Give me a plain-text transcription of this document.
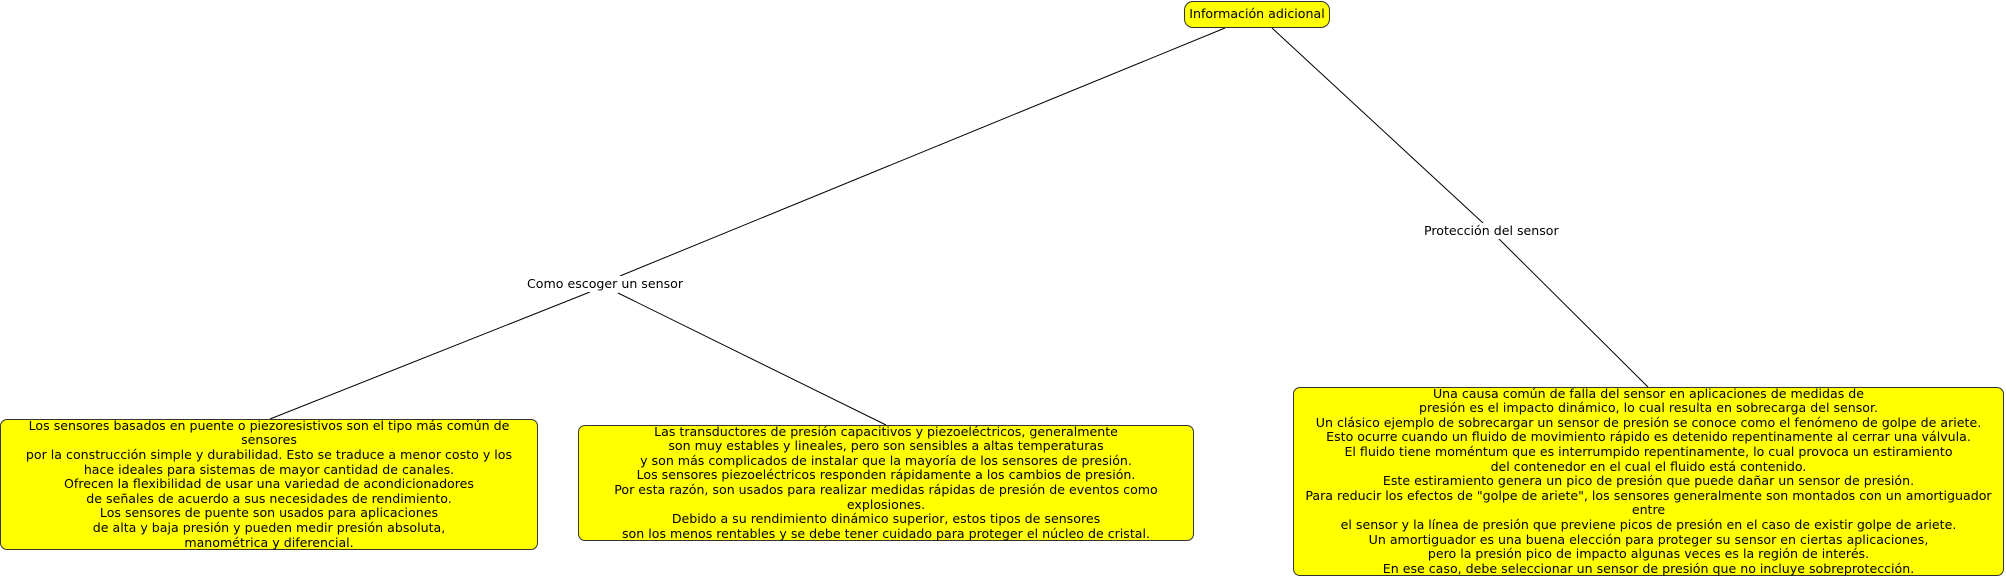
Información adicional
Como escoger un sensor
Protección del sensor
Los sensores basados en puente o piezoresistivos son el tipo más común de sensores
por la construcción simple y durabilidad. Esto se traduce a menor costo y los
hace ideales para sistemas de mayor cantidad de canales.
Ofrecen la flexibilidad de usar una variedad de acondicionadores
de señales de acuerdo a sus necesidades de rendimiento.
Los sensores de puente son usados para aplicaciones
de alta y baja presión y pueden medir presión absoluta,
manométrica y diferencial.
Las transductores de presión capacitivos y piezoeléctricos, generalmente
son muy estables y lineales, pero son sensibles a altas temperaturas
y son más complicados de instalar que la mayoría de los sensores de presión.
Los sensores piezoeléctricos responden rápidamente a los cambios de presión.
Por esta razón, son usados para realizar medidas rápidas de presión de eventos como explosiones.
Debido a su rendimiento dinámico superior, estos tipos de sensores
son los menos rentables y se debe tener cuidado para proteger el núcleo de cristal.
Una causa común de falla del sensor en aplicaciones de medidas de
presión es el impacto dinámico, lo cual resulta en sobrecarga del sensor.
Un clásico ejemplo de sobrecargar un sensor de presión se conoce como el fenómeno de golpe de ariete.
Esto ocurre cuando un fluido de movimiento rápido es detenido repentinamente al cerrar una válvula.
El fluido tiene moméntum que es interrumpido repentinamente, lo cual provoca un estiramiento
del contenedor en el cual el fluido está contenido.
Este estiramiento genera un pico de presión que puede dañar un sensor de presión.
Para reducir los efectos de "golpe de ariete", los sensores generalmente son montados con un amortiguador entre
el sensor y la línea de presión que previene picos de presión en el caso de existir golpe de ariete.
Un amortiguador es una buena elección para proteger su sensor en ciertas aplicaciones,
pero la presión pico de impacto algunas veces es la región de interés.
En ese caso, debe seleccionar un sensor de presión que no incluye sobreprotección.
